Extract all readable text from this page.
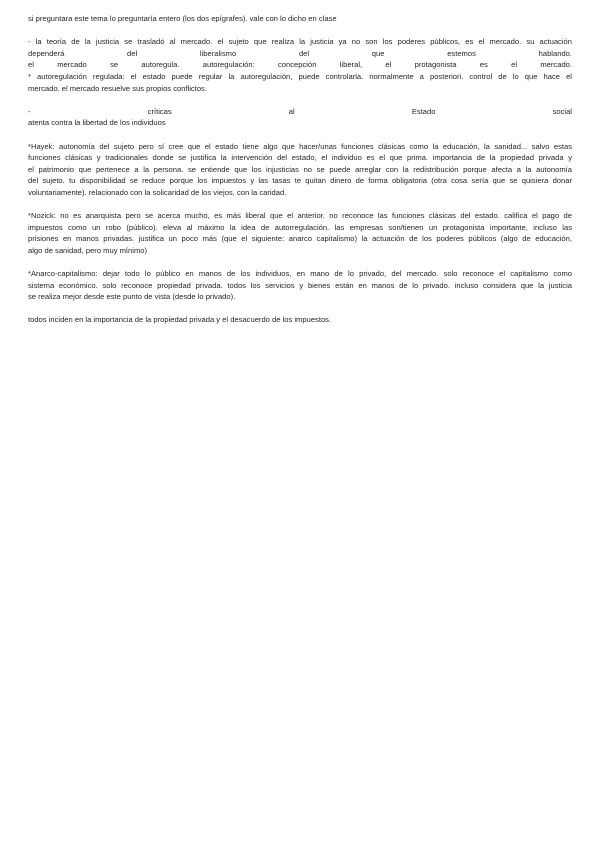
si preguntara este tema lo preguntaría entero (los dos epígrafes). vale con lo dicho en clase
- la teoría de la justicia se trasladó al mercado. el sujeto que realiza la justicia ya no son los poderes públicos, es el mercado. su actuación
dependerá del liberalismo del que estemos hablando.
el mercado se autoregula. autoregulación: concepción liberal, el protagonista es el mercado.
* autoregulación regulada: el estado puede regular la autoregulación, puede controlarla. normalmente a posteriori. control de lo que hace el
mercado. el mercado resuelve sus propios conflictos.
- críticas al Estado social
atenta contra la libertad de los individuos
*Hayek: autonomía del sujeto pero sí cree que el estado tiene algo que hacer/unas funciones clásicas como la educación, la sanidad... salvo estas
funciones clásicas y tradicionales donde se justifica la intervención del estado, el individuo es el que prima. importancia de la propiedad privada y
el patrimonio que pertenece a la persona. se entiende que los injusticias no se puede arreglar con la redistribución porque afecta a la autonomía
del sujeto. tu disponibilidad se reduce porque los impuestos y las tasas te quitan dinero de forma obligatoria (otra cosa sería que se quisiera donar
voluntariamente). relacionado con la solicaridad de los viejos, con la caridad.
*Nozick: no es anarquista pero se acerca mucho, es más liberal que el anterior. no reconoce las funciones clásicas del estado. califica el pago de
impuestos como un robo (público). eleva al máximo la idea de autorregulación. las empresas son/tienen un protagonista importante, incluso las
prisiones en manos privadas. justifica un poco más (que el siguiente: anarco capitalismo) la actuación de los poderes públicos (algo de educación,
algo de sanidad, pero muy mínimo)
*Anarco-capitalismo: dejar todo lo público en manos de los individuos, en mano de lo privado, del mercado. solo reconoce el capitalismo como
sistema económico. solo reconoce propiedad privada. todos los servicios y bienes están en manos de lo privado. incluso considera que la justicia
se realiza mejor desde este punto de vista (desde lo privado).
todos inciden en la importancia de la propiedad privada y el desacuerdo de los impuestos.
